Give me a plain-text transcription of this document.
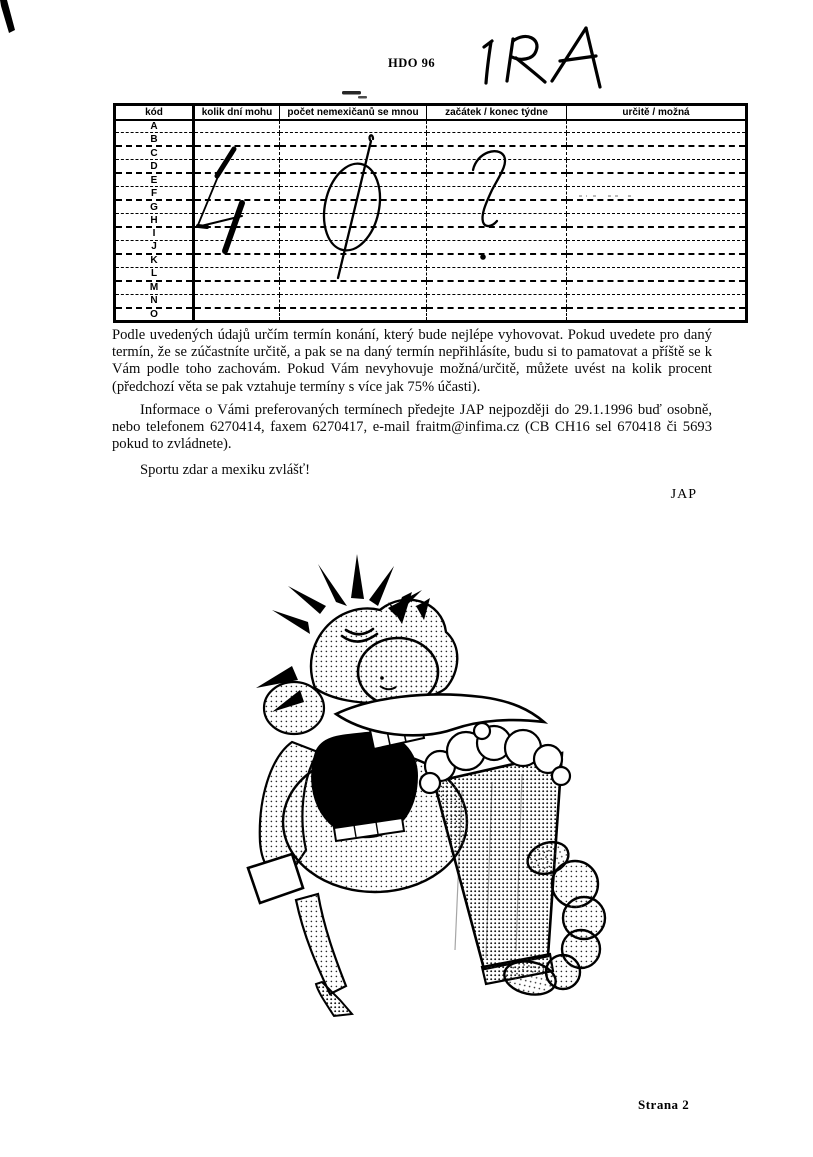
HDO 96
kód	kolik dní mohu	počet nemexičanů se mnou	začátek / konec týdne	určitě / možná
A				
B				
C				
D				
E				
F				
G				
H				
I				
J				
K				
L				
M				
N				
O				
Podle uvedených údajů určím termín konání, který bude nejlépe vyhovovat. Pokud uvedete pro daný termín, že se zúčastníte určitě, a pak se na daný termín nepřihlásíte, budu si to pamatovat a příště se k Vám podle toho zachovám. Pokud Vám nevyhovuje možná/určitě, můžete uvést na kolik procent (předchozí věta se pak vztahuje termíny s více jak 75% účasti).
Informace o Vámi preferovaných termínech předejte JAP nejpozději do 29.1.1996 buď osobně, nebo telefonem 6270414, faxem 6270417, e-mail fraitm@infima.cz (CB CH16 sel 670418 či 5693 pokud to zvládnete).
Sportu zdar a mexiku zvlášť!
JAP
Strana 2
